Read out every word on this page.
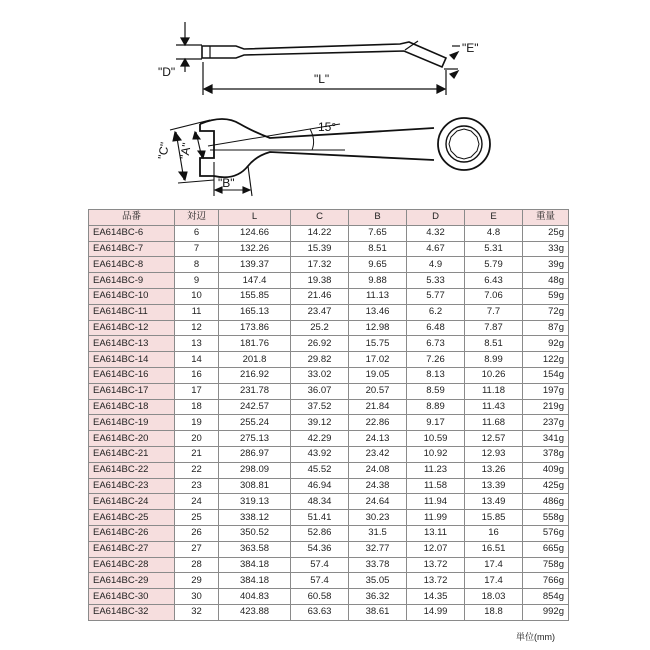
"D"
"E"
"L"
15°
"C" "A"
"B"
品番	対辺	L	C	B	D	E	重量
EA614BC-6	6	124.66	14.22	7.65	4.32	4.8	25g
EA614BC-7	7	132.26	15.39	8.51	4.67	5.31	33g
EA614BC-8	8	139.37	17.32	9.65	4.9	5.79	39g
EA614BC-9	9	147.4	19.38	9.88	5.33	6.43	48g
EA614BC-10	10	155.85	21.46	11.13	5.77	7.06	59g
EA614BC-11	11	165.13	23.47	13.46	6.2	7.7	72g
EA614BC-12	12	173.86	25.2	12.98	6.48	7.87	87g
EA614BC-13	13	181.76	26.92	15.75	6.73	8.51	92g
EA614BC-14	14	201.8	29.82	17.02	7.26	8.99	122g
EA614BC-16	16	216.92	33.02	19.05	8.13	10.26	154g
EA614BC-17	17	231.78	36.07	20.57	8.59	11.18	197g
EA614BC-18	18	242.57	37.52	21.84	8.89	11.43	219g
EA614BC-19	19	255.24	39.12	22.86	9.17	11.68	237g
EA614BC-20	20	275.13	42.29	24.13	10.59	12.57	341g
EA614BC-21	21	286.97	43.92	23.42	10.92	12.93	378g
EA614BC-22	22	298.09	45.52	24.08	11.23	13.26	409g
EA614BC-23	23	308.81	46.94	24.38	11.58	13.39	425g
EA614BC-24	24	319.13	48.34	24.64	11.94	13.49	486g
EA614BC-25	25	338.12	51.41	30.23	11.99	15.85	558g
EA614BC-26	26	350.52	52.86	31.5	13.11	16	576g
EA614BC-27	27	363.58	54.36	32.77	12.07	16.51	665g
EA614BC-28	28	384.18	57.4	33.78	13.72	17.4	758g
EA614BC-29	29	384.18	57.4	35.05	13.72	17.4	766g
EA614BC-30	30	404.83	60.58	36.32	14.35	18.03	854g
EA614BC-32	32	423.88	63.63	38.61	14.99	18.8	992g
単位(mm)
